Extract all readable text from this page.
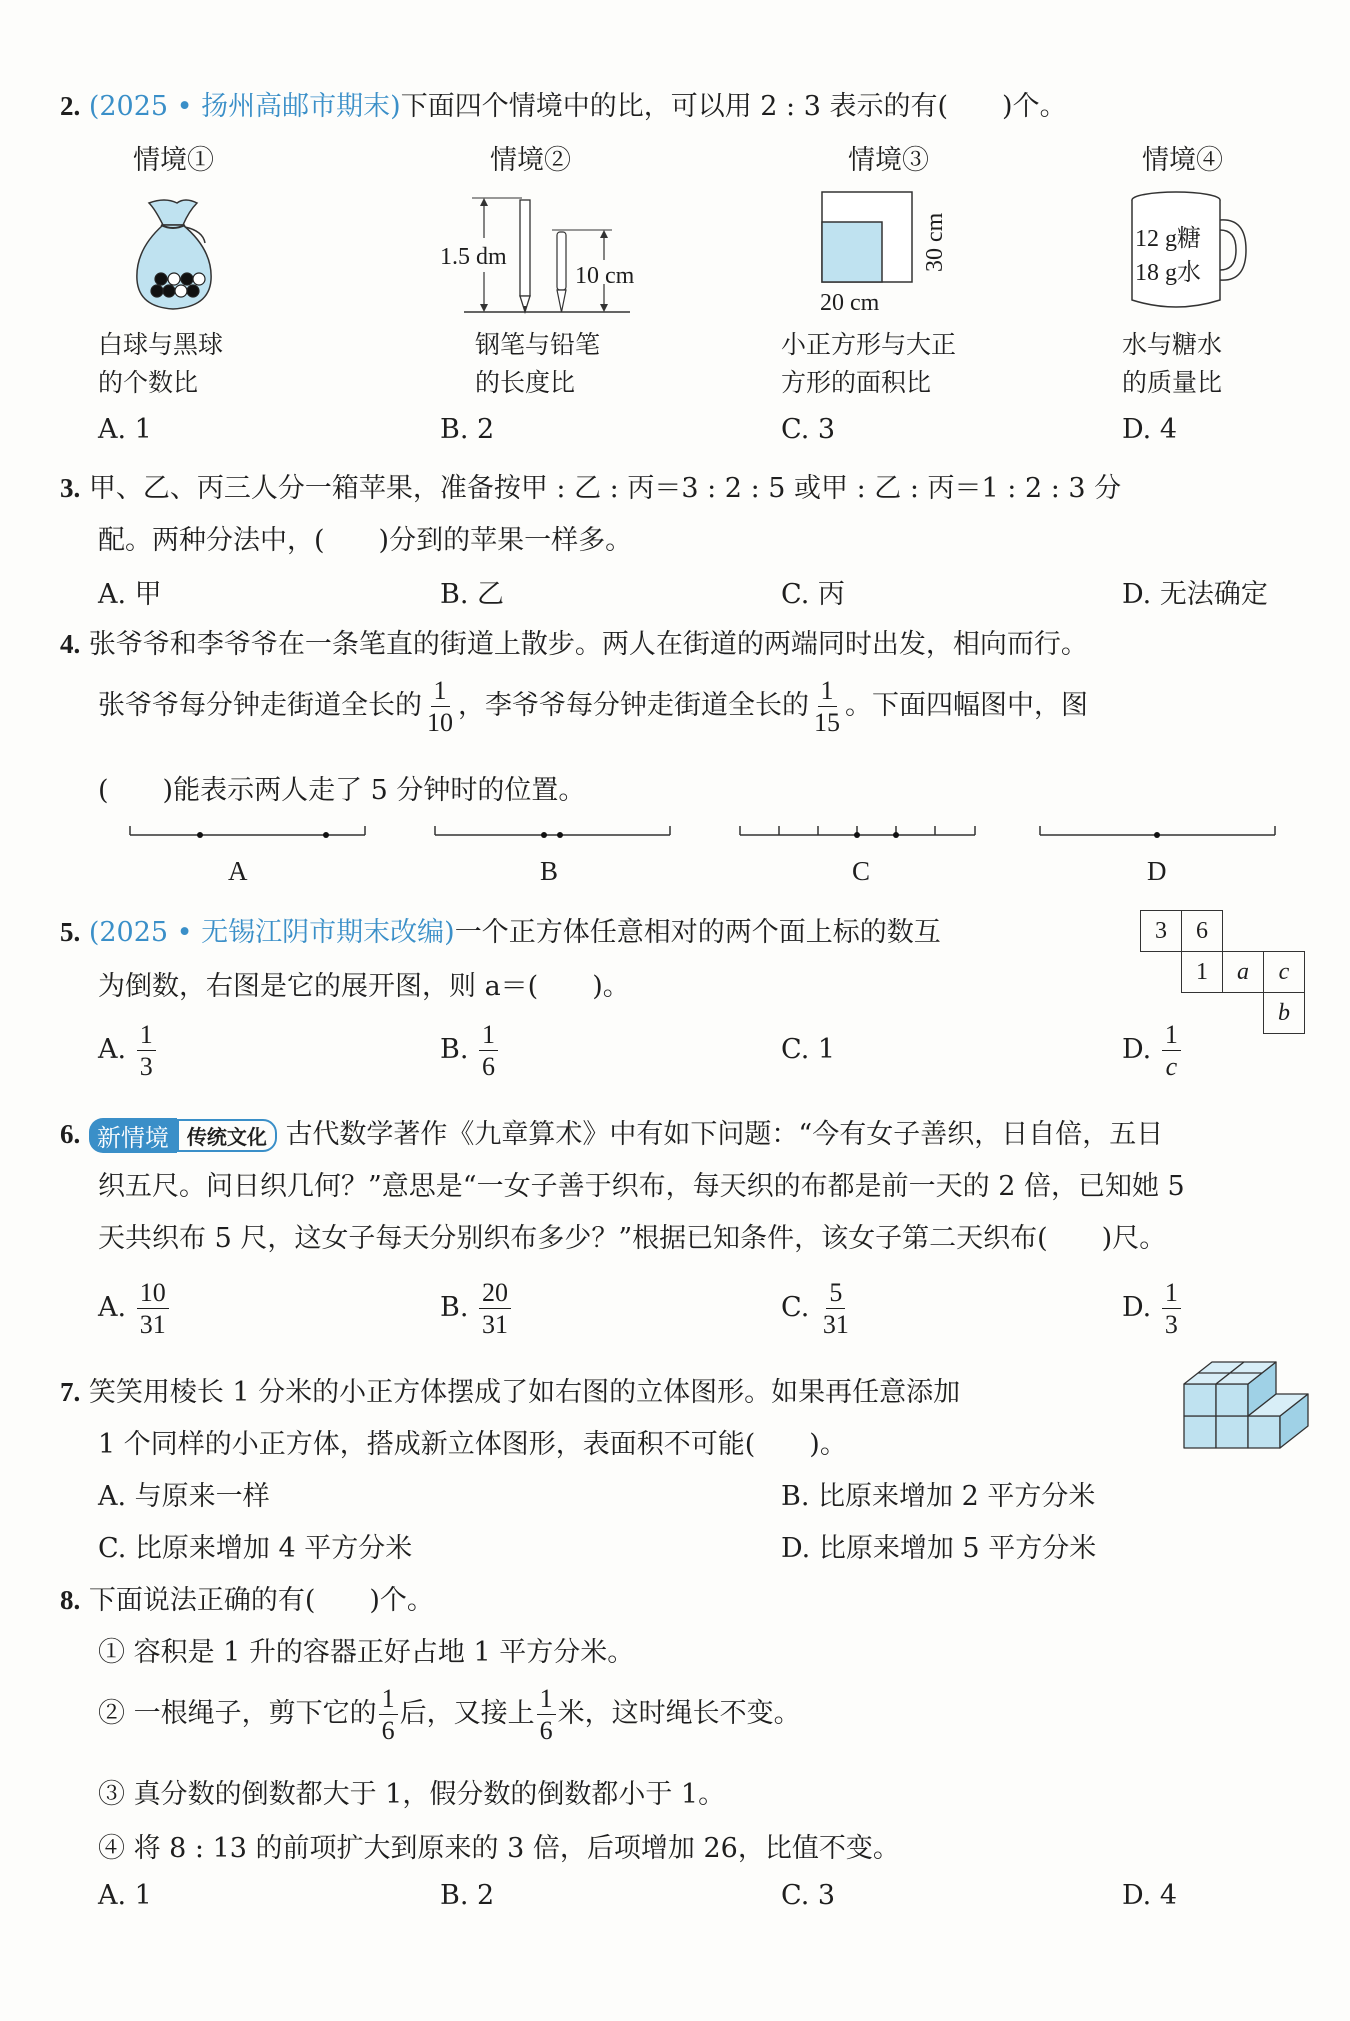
2. (2025 • 扬州高邮市期末)下面四个情境中的比，可以用 2 : 3 表示的有(　　)个。
情境①	情境②	情境③	情境④
1.5 dm
10 cm
30 cm
20 cm
12 g糖
18 g水
白球与黑球
的个数比
钢笔与铅笔
的长度比
小正方形与大正
方形的面积比
水与糖水
的质量比
A. 1	B. 2	C. 3	D. 4
3. 甲、乙、丙三人分一箱苹果，准备按甲 : 乙 : 丙＝3 : 2 : 5 或甲 : 乙 : 丙＝1 : 2 : 3 分
配。两种分法中，(　　)分到的苹果一样多。
A. 甲	B. 乙	C. 丙	D. 无法确定
4. 张爷爷和李爷爷在一条笔直的街道上散步。两人在街道的两端同时出发，相向而行。
张爷爷每分钟走街道全长的 $\frac{1}{10}$ ，李爷爷每分钟走街道全长的 $\frac{1}{15}$ 。下面四幅图中，图
(　　)能表示两人走了 5 分钟时的位置。
A	B	C	D
5. (2025 • 无锡江阴市期末改编)一个正方体任意相对的两个面上标的数互
为倒数，右图是它的展开图，则 a＝(　　)。
3	6
1	a	c
b
A. $\frac{1}{3}$	B. $\frac{1}{6}$	C. 1	D. $\frac{1}{c}$
6. 新情境 传统文化 古代数学著作《九章算术》中有如下问题：“今有女子善织，日自倍，五日
织五尺。问日织几何？”意思是“一女子善于织布，每天织的布都是前一天的 2 倍，已知她 5
天共织布 5 尺，这女子每天分别织布多少？”根据已知条件，该女子第二天织布(　　)尺。
A. $\frac{10}{31}$	B. $\frac{20}{31}$	C. $\frac{5}{31}$	D. $\frac{1}{3}$
7. 笑笑用棱长 1 分米的小正方体摆成了如右图的立体图形。如果再任意添加
1 个同样的小正方体，搭成新立体图形，表面积不可能(　　)。
A. 与原来一样	B. 比原来增加 2 平方分米
C. 比原来增加 4 平方分米	D. 比原来增加 5 平方分米
8. 下面说法正确的有(　　)个。
① 容积是 1 升的容器正好占地 1 平方分米。
② 一根绳子，剪下它的 $\frac{1}{6}$ 后，又接上 $\frac{1}{6}$ 米，这时绳长不变。
③ 真分数的倒数都大于 1，假分数的倒数都小于 1。
④ 将 8 : 13 的前项扩大到原来的 3 倍，后项增加 26，比值不变。
A. 1	B. 2	C. 3	D. 4
